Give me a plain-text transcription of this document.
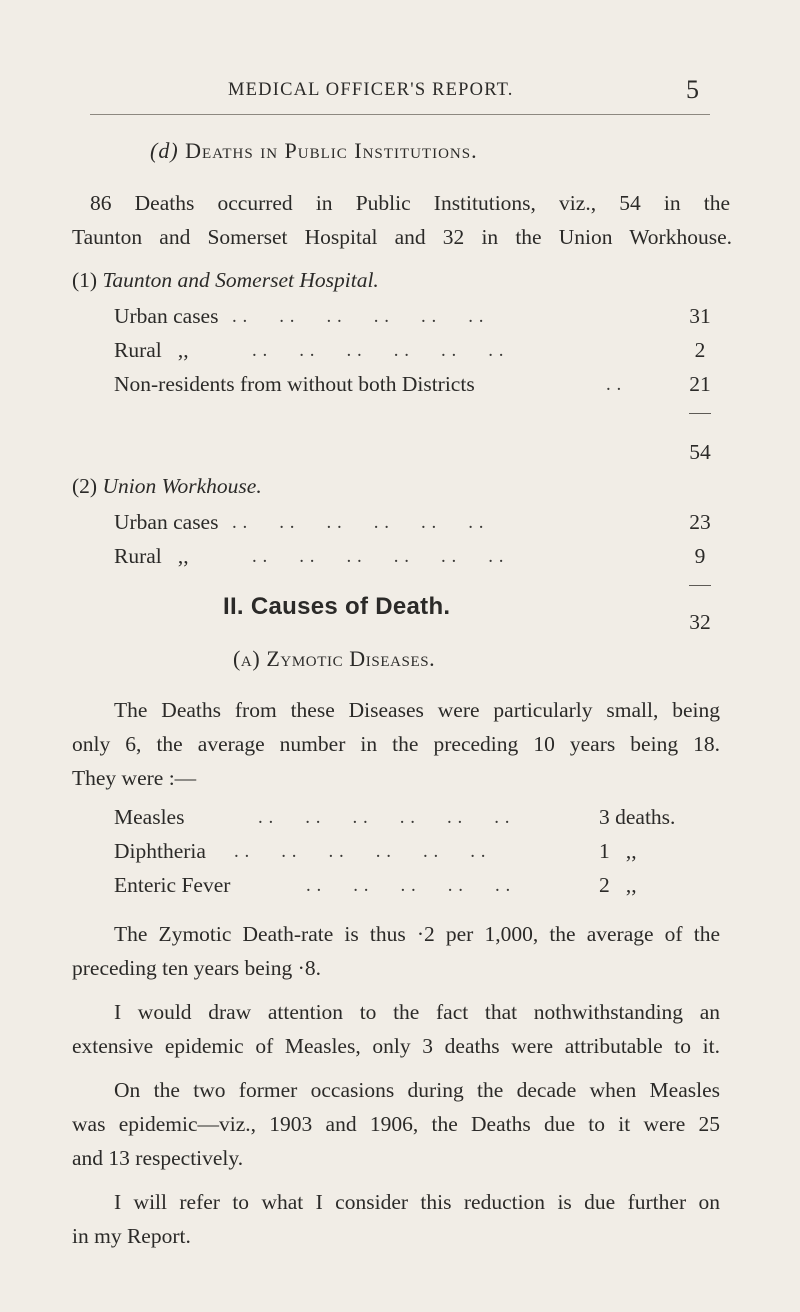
MEDICAL OFFICER'S REPORT.	5
(d) Deaths in Public Institutions.
86 Deaths occurred in Public Institutions, viz., 54 in the
Taunton and Somerset Hospital and 32 in the Union Workhouse.
(1) Taunton and Somerset Hospital.
Urban cases . .      . .      . .      . .      . .      . .	31
Rural   ,,	. .      . .      . .      . .      . .      . .	2
Non-residents from without both Districts	. .	21
54
(2) Union Workhouse.
Urban cases . .      . .      . .      . .      . .      . .	23
Rural   ,,	. .      . .      . .      . .      . .      . .	9
32
II. Causes of Death.
(a) Zymotic Diseases.
The Deaths from these Diseases were particularly small, being
only 6, the average number in the preceding 10 years being 18.
They were :—
Measles	. .      . .      . .      . .      . .      . .	3 deaths.
Diphtheria . .      . .      . .      . .      . .      . .	1   ,,
Enteric Fever	. .      . .      . .      . .      . .	2   ,,
The Zymotic Death-rate is thus ·2 per 1,000, the average of the
preceding ten years being ·8.
I would draw attention to the fact that nothwithstanding an
extensive epidemic of Measles, only 3 deaths were attributable to it.
On the two former occasions during the decade when Measles
was epidemic—viz., 1903 and 1906, the Deaths due to it were 25
and 13 respectively.
I will refer to what I consider this reduction is due further on
in my Report.
